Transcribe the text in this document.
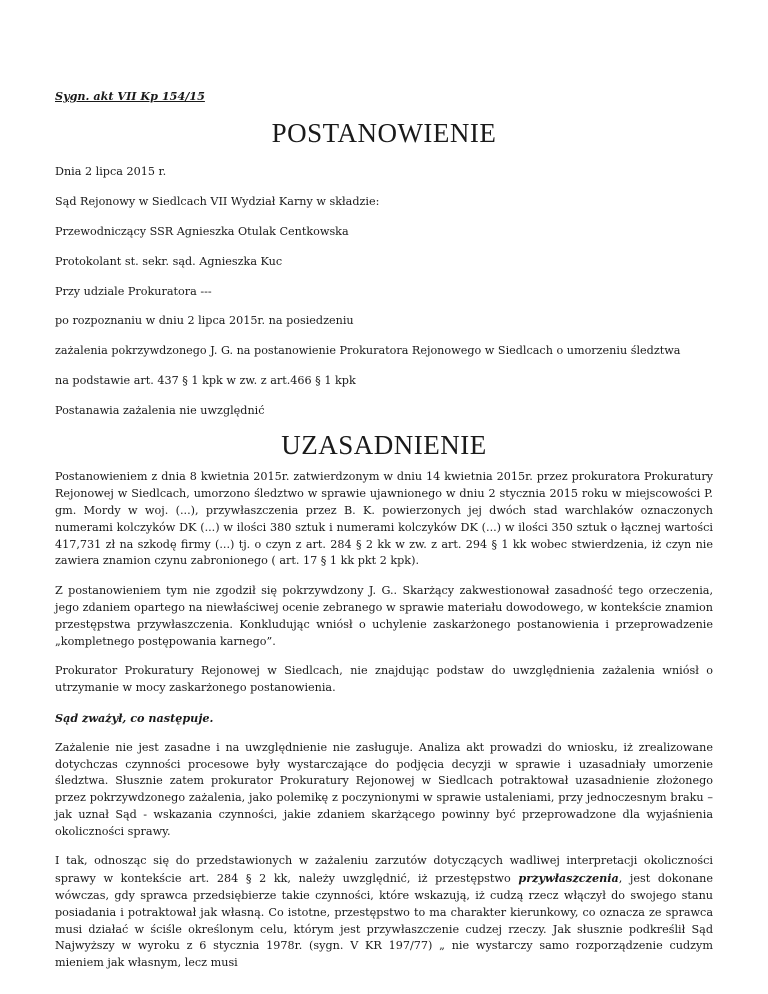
Sygn. akt VII Kp 154/15
POSTANOWIENIE
Dnia 2 lipca 2015 r.
Sąd Rejonowy w Siedlcach VII Wydział Karny w składzie:
Przewodniczący SSR Agnieszka Otulak Centkowska
Protokolant st. sekr. sąd. Agnieszka Kuc
Przy udziale Prokuratora ---
po rozpoznaniu w dniu 2 lipca 2015r. na posiedzeniu
zażalenia pokrzywdzonego J. G. na postanowienie Prokuratora Rejonowego w Siedlcach o umorzeniu śledztwa
na podstawie art. 437 § 1 kpk w zw. z art.466 § 1 kpk
Postanawia zażalenia nie uwzględnić
UZASADNIENIE

Postanowieniem z dnia 8 kwietnia 2015r. zatwierdzonym w dniu 14 kwietnia 2015r. przez prokuratora Prokuratury Rejonowej w Siedlcach, umorzono śledztwo w sprawie ujawnionego w dniu 2 stycznia 2015 roku w miejscowości P. gm. Mordy w woj. (...), przywłaszczenia przez B. K. powierzonych jej dwóch stad warchlaków oznaczonych numerami kolczyków DK (...) w ilości 380 sztuk i numerami kolczyków DK (...) w ilości 350 sztuk o łącznej wartości 417,731 zł na szkodę firmy (...) tj. o czyn z art. 284 § 2 kk w zw. z art. 294 § 1 kk wobec stwierdzenia, iż czyn nie zawiera znamion czynu zabronionego ( art. 17 § 1 kk pkt 2 kpk).

Z postanowieniem tym nie zgodził się pokrzywdzony J. G.. Skarżący zakwestionował zasadność tego orzeczenia, jego zdaniem opartego na niewłaściwej ocenie zebranego w sprawie materiału dowodowego, w kontekście znamion przestępstwa przywłaszczenia. Konkludując wniósł o uchylenie zaskarżonego postanowienia i przeprowadzenie „kompletnego postępowania karnego”.

Prokurator Prokuratury Rejonowej w Siedlcach, nie znajdując podstaw do uwzględnienia zażalenia wniósł o utrzymanie w mocy zaskarżonego postanowienia.

Sąd zważył, co następuje.

Zażalenie nie jest zasadne i na uwzględnienie nie zasługuje. Analiza akt prowadzi do wniosku, iż zrealizowane dotychczas czynności procesowe były wystarczające do podjęcia decyzji w sprawie i uzasadniały umorzenie śledztwa. Słusznie zatem prokurator Prokuratury Rejonowej w Siedlcach potraktował uzasadnienie złożonego przez pokrzywdzonego zażalenia, jako polemikę z poczynionymi w sprawie ustaleniami, przy jednoczesnym braku – jak uznał Sąd - wskazania czynności, jakie zdaniem skarżącego powinny być przeprowadzone dla wyjaśnienia okoliczności sprawy.

I tak, odnosząc się do przedstawionych w zażaleniu zarzutów dotyczących wadliwej interpretacji okoliczności sprawy w kontekście art. 284 § 2 kk, należy uwzględnić, iż przestępstwo przywłaszczenia, jest dokonane wówczas, gdy sprawca przedsiębierze takie czynności, które wskazują, iż cudzą rzecz włączył do swojego stanu posiadania i potraktował jak własną. Co istotne, przestępstwo to ma charakter kierunkowy, co oznacza ze sprawca musi działać w ściśle określonym celu, którym jest przywłaszczenie cudzej rzeczy. Jak słusznie podkreślił Sąd Najwyższy w wyroku z 6 stycznia 1978r. (sygn. V KR 197/77) „ nie wystarczy samo rozporządzenie cudzym mieniem jak własnym, lecz musi
